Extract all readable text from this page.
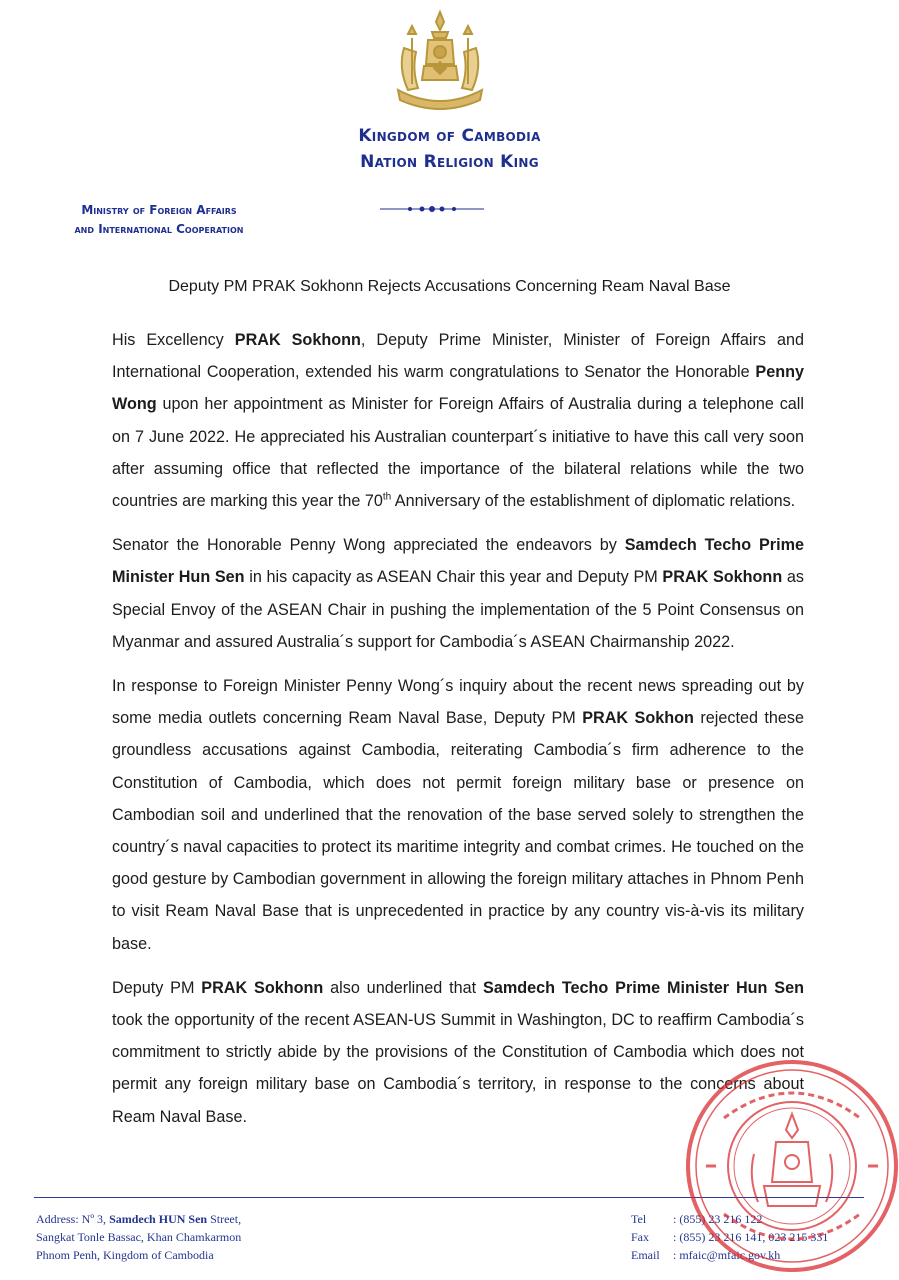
Kingdom of Cambodia
Nation Religion King
Ministry of Foreign Affairs
and International Cooperation
Deputy PM PRAK Sokhonn Rejects Accusations Concerning Ream Naval Base

His Excellency PRAK Sokhonn, Deputy Prime Minister, Minister of Foreign Affairs and International Cooperation, extended his warm congratulations to Senator the Honorable Penny Wong upon her appointment as Minister for Foreign Affairs of Australia during a telephone call on 7 June 2022. He appreciated his Australian counterpart´s initiative to have this call very soon after assuming office that reflected the importance of the bilateral relations while the two countries are marking this year the 70th Anniversary of the establishment of diplomatic relations.

Senator the Honorable Penny Wong appreciated the endeavors by Samdech Techo Prime Minister Hun Sen in his capacity as ASEAN Chair this year and Deputy PM PRAK Sokhonn as Special Envoy of the ASEAN Chair in pushing the implementation of the 5 Point Consensus on Myanmar and assured Australia´s support for Cambodia´s ASEAN Chairmanship 2022.

In response to Foreign Minister Penny Wong´s inquiry about the recent news spreading out by some media outlets concerning Ream Naval Base, Deputy PM PRAK Sokhon rejected these groundless accusations against Cambodia, reiterating Cambodia´s firm adherence to the Constitution of Cambodia, which does not permit foreign military base or presence on Cambodian soil and underlined that the renovation of the base served solely to strengthen the country´s naval capacities to protect its maritime integrity and combat crimes. He touched on the good gesture by Cambodian government in allowing the foreign military attaches in Phnom Penh to visit Ream Naval Base that is unprecedented in practice by any country vis-à-vis its military base.

Deputy PM PRAK Sokhonn also underlined that Samdech Techo Prime Minister Hun Sen took the opportunity of the recent ASEAN-US Summit in Washington, DC to reaffirm Cambodia´s commitment to strictly abide by the provisions of the Constitution of Cambodia which does not permit any foreign military base on Cambodia´s territory, in response to the concerns about Ream Naval Base.

Address: Nº 3, Samdech HUN Sen Street,
Sangkat Tonle Bassac, Khan Chamkarmon
Phnom Penh, Kingdom of Cambodia
Tel	: (855) 23 216 122
Fax	: (855) 23 216 141, 023 215 331
Email	: mfaic@mfaic.gov.kh
